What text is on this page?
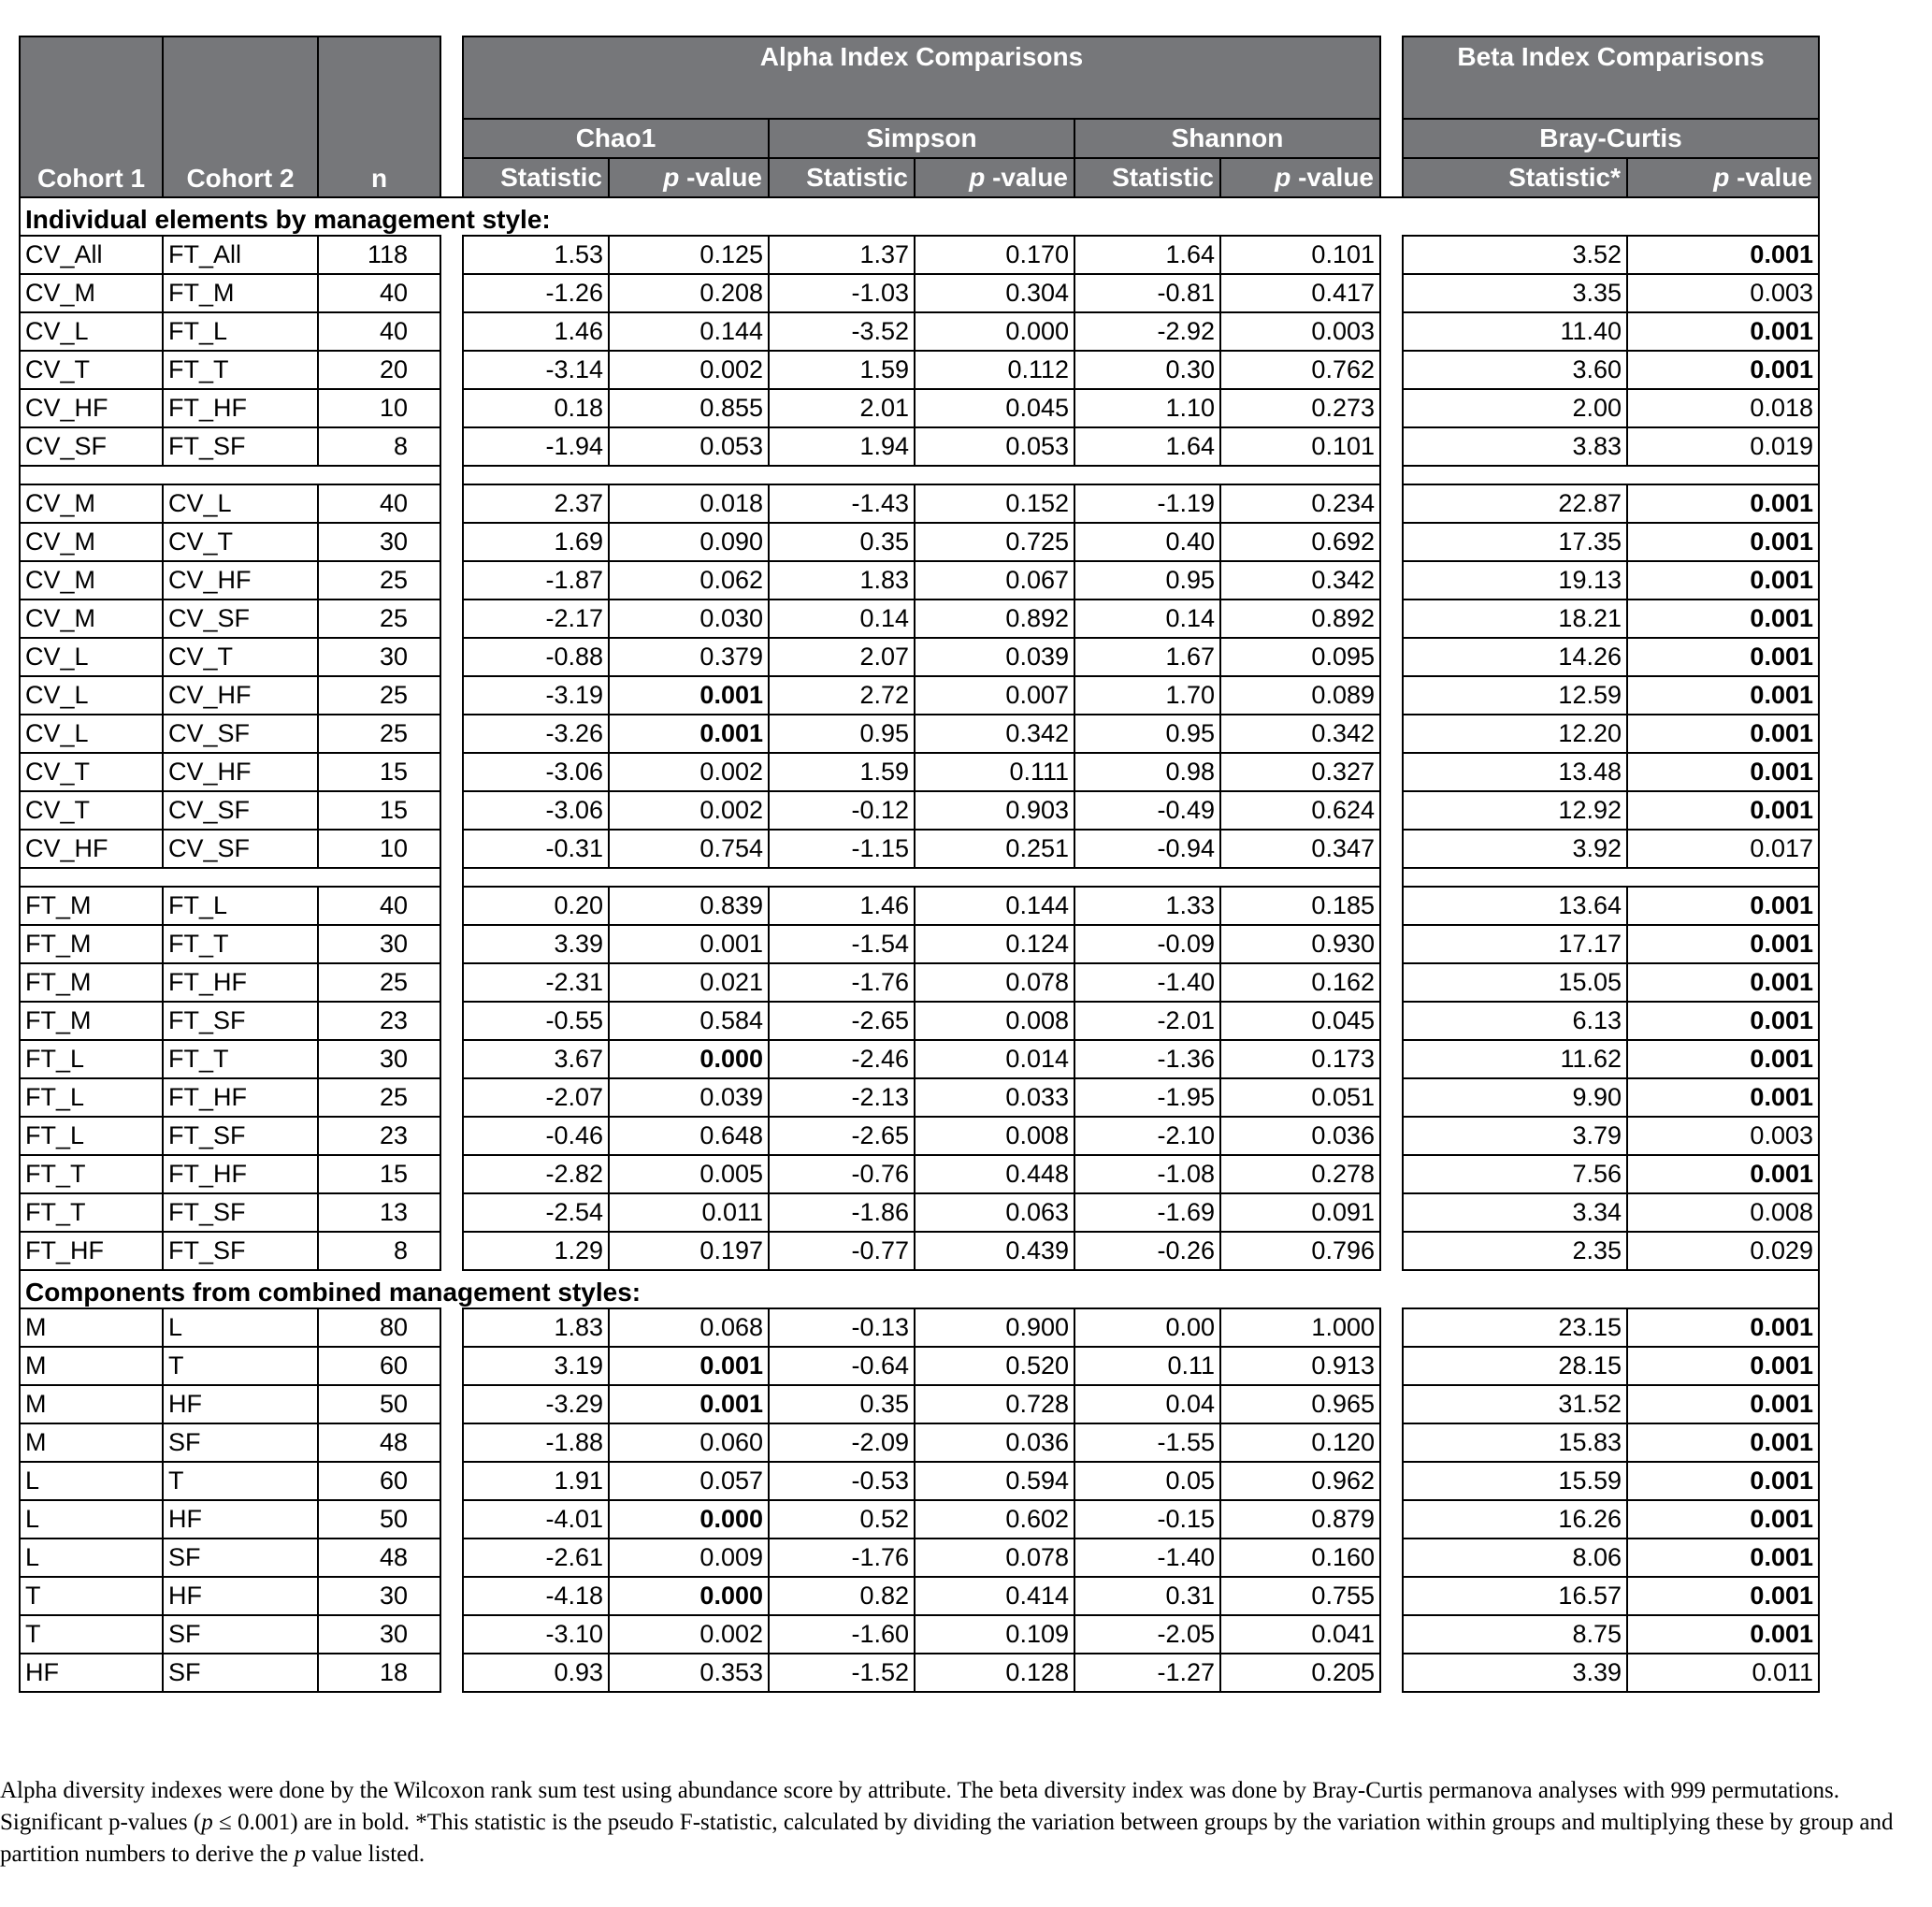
Cohort 1	Cohort 2	n		Alpha Index Comparisons							Beta Index Comparisons	
				Chao1		Simpson		Shannon			Bray-Curtis	
				Statistic	p -value	Statistic	p -value	Statistic	p -value		Statistic*	p -value
Individual elements by management style:												
CV_All	FT_All	118		1.53	0.125	1.37	0.170	1.64	0.101		3.52	0.001
CV_M	FT_M	40		-1.26	0.208	-1.03	0.304	-0.81	0.417		3.35	0.003
CV_L	FT_L	40		1.46	0.144	-3.52	0.000	-2.92	0.003		11.40	0.001
CV_T	FT_T	20		-3.14	0.002	1.59	0.112	0.30	0.762		3.60	0.001
CV_HF	FT_HF	10		0.18	0.855	2.01	0.045	1.10	0.273		2.00	0.018
CV_SF	FT_SF	8		-1.94	0.053	1.94	0.053	1.64	0.101		3.83	0.019

CV_M	CV_L	40		2.37	0.018	-1.43	0.152	-1.19	0.234		22.87	0.001
CV_M	CV_T	30		1.69	0.090	0.35	0.725	0.40	0.692		17.35	0.001
CV_M	CV_HF	25		-1.87	0.062	1.83	0.067	0.95	0.342		19.13	0.001
CV_M	CV_SF	25		-2.17	0.030	0.14	0.892	0.14	0.892		18.21	0.001
CV_L	CV_T	30		-0.88	0.379	2.07	0.039	1.67	0.095		14.26	0.001
CV_L	CV_HF	25		-3.19	0.001	2.72	0.007	1.70	0.089		12.59	0.001
CV_L	CV_SF	25		-3.26	0.001	0.95	0.342	0.95	0.342		12.20	0.001
CV_T	CV_HF	15		-3.06	0.002	1.59	0.111	0.98	0.327		13.48	0.001
CV_T	CV_SF	15		-3.06	0.002	-0.12	0.903	-0.49	0.624		12.92	0.001
CV_HF	CV_SF	10		-0.31	0.754	-1.15	0.251	-0.94	0.347		3.92	0.017

FT_M	FT_L	40		0.20	0.839	1.46	0.144	1.33	0.185		13.64	0.001
FT_M	FT_T	30		3.39	0.001	-1.54	0.124	-0.09	0.930		17.17	0.001
FT_M	FT_HF	25		-2.31	0.021	-1.76	0.078	-1.40	0.162		15.05	0.001
FT_M	FT_SF	23		-0.55	0.584	-2.65	0.008	-2.01	0.045		6.13	0.001
FT_L	FT_T	30		3.67	0.000	-2.46	0.014	-1.36	0.173		11.62	0.001
FT_L	FT_HF	25		-2.07	0.039	-2.13	0.033	-1.95	0.051		9.90	0.001
FT_L	FT_SF	23		-0.46	0.648	-2.65	0.008	-2.10	0.036		3.79	0.003
FT_T	FT_HF	15		-2.82	0.005	-0.76	0.448	-1.08	0.278		7.56	0.001
FT_T	FT_SF	13		-2.54	0.011	-1.86	0.063	-1.69	0.091		3.34	0.008
FT_HF	FT_SF	8		1.29	0.197	-0.77	0.439	-0.26	0.796		2.35	0.029
Components from combined management styles:												
M	L	80		1.83	0.068	-0.13	0.900	0.00	1.000		23.15	0.001
M	T	60		3.19	0.001	-0.64	0.520	0.11	0.913		28.15	0.001
M	HF	50		-3.29	0.001	0.35	0.728	0.04	0.965		31.52	0.001
M	SF	48		-1.88	0.060	-2.09	0.036	-1.55	0.120		15.83	0.001
L	T	60		1.91	0.057	-0.53	0.594	0.05	0.962		15.59	0.001
L	HF	50		-4.01	0.000	0.52	0.602	-0.15	0.879		16.26	0.001
L	SF	48		-2.61	0.009	-1.76	0.078	-1.40	0.160		8.06	0.001
T	HF	30		-4.18	0.000	0.82	0.414	0.31	0.755		16.57	0.001
T	SF	30		-3.10	0.002	-1.60	0.109	-2.05	0.041		8.75	0.001
HF	SF	18		0.93	0.353	-1.52	0.128	-1.27	0.205		3.39	0.011

Alpha diversity indexes were done by the Wilcoxon rank sum test using abundance score by attribute. The beta diversity index was done by Bray-Curtis permanova analyses with 999 permutations. Significant p-values (p ≤ 0.001) are in bold. *This statistic is the pseudo F-statistic, calculated by dividing the variation between groups by the variation within groups and multiplying these by group and partition numbers to derive the p value listed.
